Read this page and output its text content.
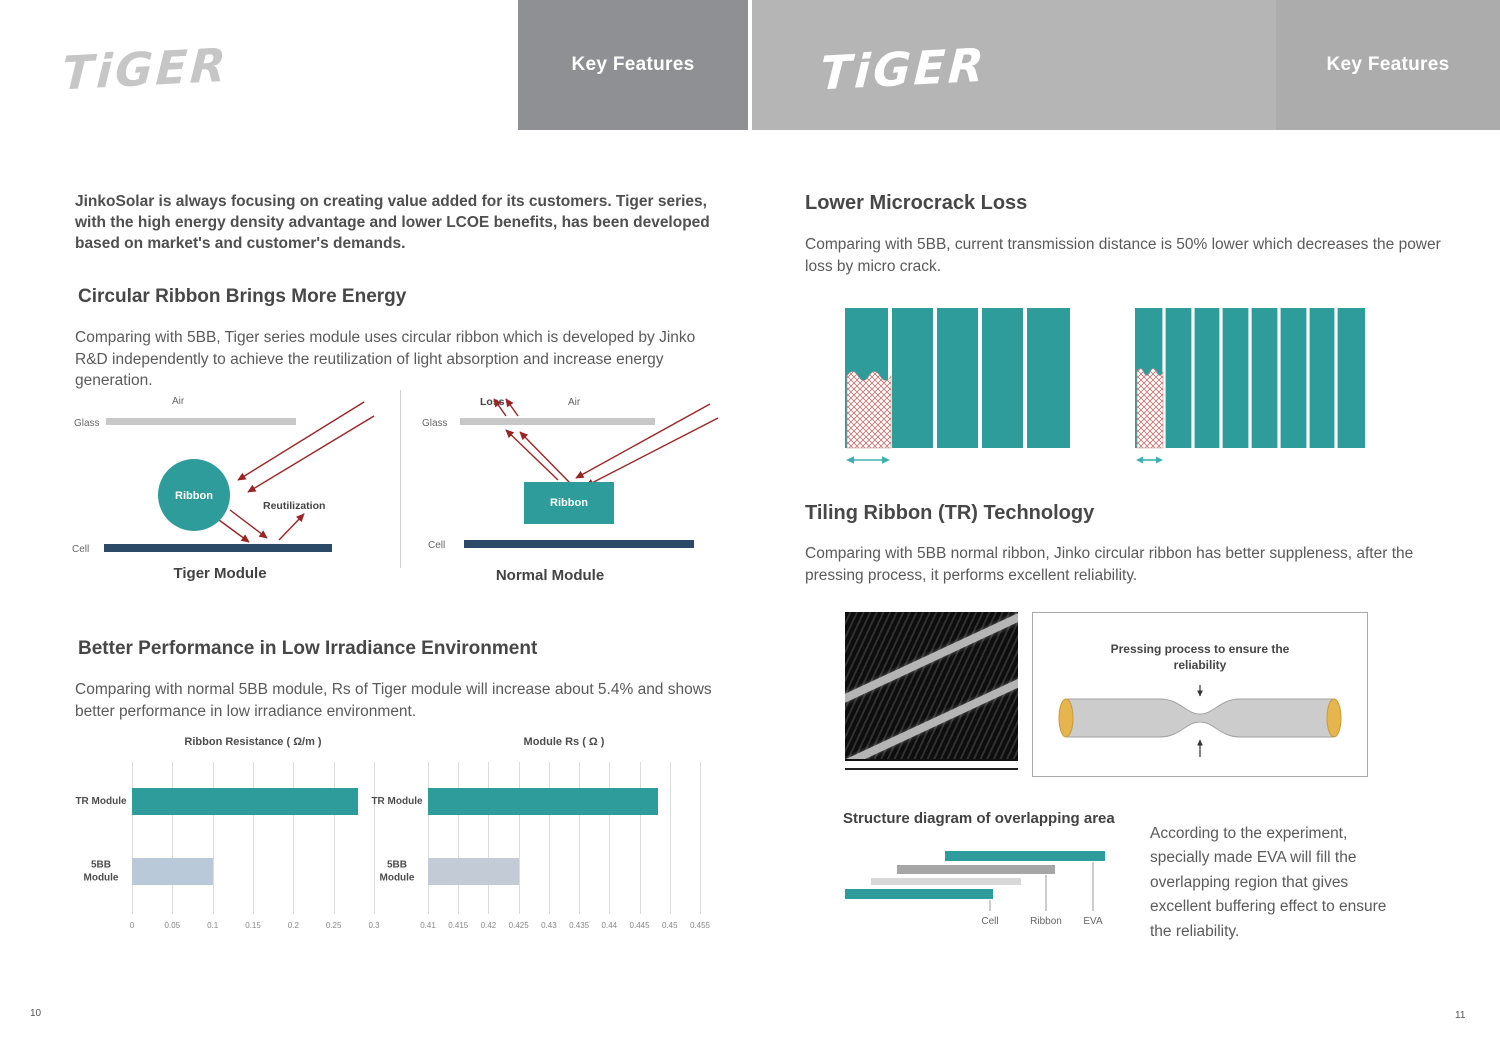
TiGER	Key Features
JinkoSolar is always focusing on creating value added for its customers. Tiger series, with the high energy density advantage and lower LCOE benefits, has been developed based on market's and customer's demands.
Circular Ribbon Brings More Energy
Comparing with 5BB, Tiger series module uses circular ribbon which is developed by Jinko R&D independently to achieve the reutilization of light absorption and increase energy generation.
Air
Glass
Ribbon
Reutilization
Cell
Loss	Air
Glass
Ribbon
Cell
Tiger Module	Normal Module
Better Performance in Low Irradiance Environment
Comparing with normal 5BB module, Rs of Tiger module will increase about 5.4% and shows better performance in low irradiance environment.
Ribbon Resistance ( Ω/m )
0	0.05	0.1	0.15	0.2	0.25	0.3
TR Module
5BB Module
Module Rs ( Ω )
0.41 0.415 0.42 0.425 0.43 0.435 0.44 0.445 0.45 0.455
TR Module
5BB Module
10
Key Features
TiGER
Lower Microcrack Loss
Comparing with 5BB, current transmission distance is 50% lower which decreases the power loss by micro crack.
Tiling Ribbon (TR) Technology
Comparing with 5BB normal ribbon, Jinko circular ribbon has better suppleness, after the pressing process, it performs excellent reliability.
Pressing process to ensure the reliability
Structure diagram of overlapping area
Cell	Ribbon EVA
According to the experiment, specially made EVA will fill the overlapping region that gives excellent buffering effect to ensure the reliability.
11
